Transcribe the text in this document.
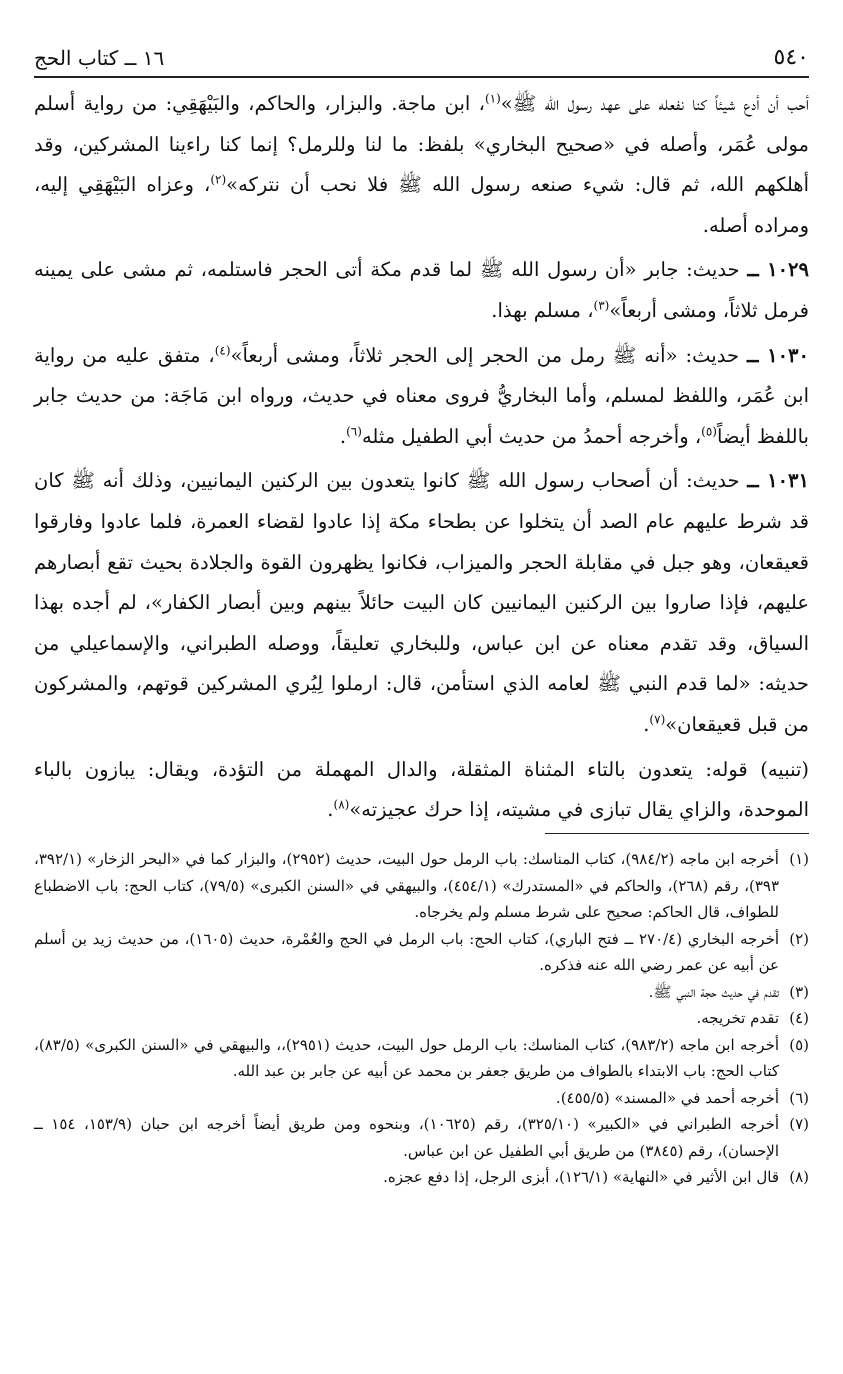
٥٤٠
١٦ ــ كتاب الحج

أحب أن أدع شيئاً كنا نفعله على عهد رسول الله ﷺ»$^{(١)}$، ابن ماجة. والبزار، والحاكم، والبَيْهَقِي: من رواية أسلم مولى عُمَر، وأصله في «صحيح البخاري» بلفظ: ما لنا وللرمل؟ إنما كنا راءينا المشركين، وقد أهلكهم الله، ثم قال: شيء صنعه رسول الله ﷺ فلا نحب أن نتركه»$^{(٢)}$، وعزاه البَيْهَقِي إليه، ومراده أصله.

١٠٢٩ ــ حديث: جابر «أن رسول الله ﷺ لما قدم مكة أتى الحجر فاستلمه، ثم مشى على يمينه فرمل ثلاثاً، ومشى أربعاً»$^{(٣)}$، مسلم بهذا.

١٠٣٠ ــ حديث: «أنه ﷺ رمل من الحجر إلى الحجر ثلاثاً، ومشى أربعاً»$^{(٤)}$، متفق عليه من رواية ابن عُمَر، واللفظ لمسلم، وأما البخاريُّ فروى معناه في حديث، ورواه ابن مَاجَة: من حديث جابر باللفظ أيضاً$^{(٥)}$، وأخرجه أحمدُ من حديث أبي الطفيل مثله$^{(٦)}$.

١٠٣١ ــ حديث: أن أصحاب رسول الله ﷺ كانوا يتعدون بين الركنين اليمانيين، وذلك أنه ﷺ كان قد شرط عليهم عام الصد أن يتخلوا عن بطحاء مكة إذا عادوا لقضاء العمرة، فلما عادوا وفارقوا قعيقعان، وهو جبل في مقابلة الحجر والميزاب، فكانوا يظهرون القوة والجلادة بحيث تقع أبصارهم عليهم، فإذا صاروا بين الركنين اليمانيين كان البيت حائلاً بينهم وبين أبصار الكفار»، لم أجده بهذا السياق، وقد تقدم معناه عن ابن عباس، وللبخاري تعليقاً، ووصله الطبراني، والإسماعيلي من حديثه: «لما قدم النبي ﷺ لعامه الذي استأمن، قال: ارملوا لِيُري المشركين قوتهم، والمشركون من قبل قعيقعان»$^{(٧)}$.

(تنبيه) قوله: يتعدون بالتاء المثناة المثقلة، والدال المهملة من التؤدة، ويقال: يبازون بالباء الموحدة، والزاي يقال تبازى في مشيته، إذا حرك عجيزته»$^{(٨)}$.

(١)
أخرجه ابن ماجه (٩٨٤/٢)، كتاب المناسك: باب الرمل حول البيت، حديث (٢٩٥٢)، والبزار كما في «البحر الزخار» (٣٩٢/١، ٣٩٣)، رقم (٢٦٨)، والحاكم في «المستدرك» (٤٥٤/١)، والبيهقي في «السنن الكبرى» (٧٩/٥)، كتاب الحج: باب الاضطباع للطواف، قال الحاكم: صحيح على شرط مسلم ولم يخرجاه.
(٢)
أخرجه البخاري (٢٧٠/٤ ــ فتح الباري)، كتاب الحج: باب الرمل في الحج والعُمْرة، حديث (١٦٠٥)، من حديث زيد بن أسلم عن أبيه عن عمر رضي الله عنه فذكره.
(٣)
تقدم في حديث حجة النبي ﷺ.
(٤)
تقدم تخريجه.
(٥)
أخرجه ابن ماجه (٩٨٣/٢)، كتاب المناسك: باب الرمل حول البيت، حديث (٢٩٥١)،، والبيهقي في «السنن الكبرى» (٨٣/٥)، كتاب الحج: باب الابتداء بالطواف من طريق جعفر بن محمد عن أبيه عن جابر بن عبد الله.
(٦)
أخرجه أحمد في «المسند» (٤٥٥/٥).
(٧)
أخرجه الطبراني في «الكبير» (٣٢٥/١٠)، رقم (١٠٦٢٥)، وبنحوه ومن طريق أيضاً أخرجه ابن حبان (١٥٣/٩، ١٥٤ ــ الإحسان)، رقم (٣٨٤٥) من طريق أبي الطفيل عن ابن عباس.
(٨)
قال ابن الأثير في «النهاية» (١٢٦/١)، أبزى الرجل، إذا دفع عجزه.
